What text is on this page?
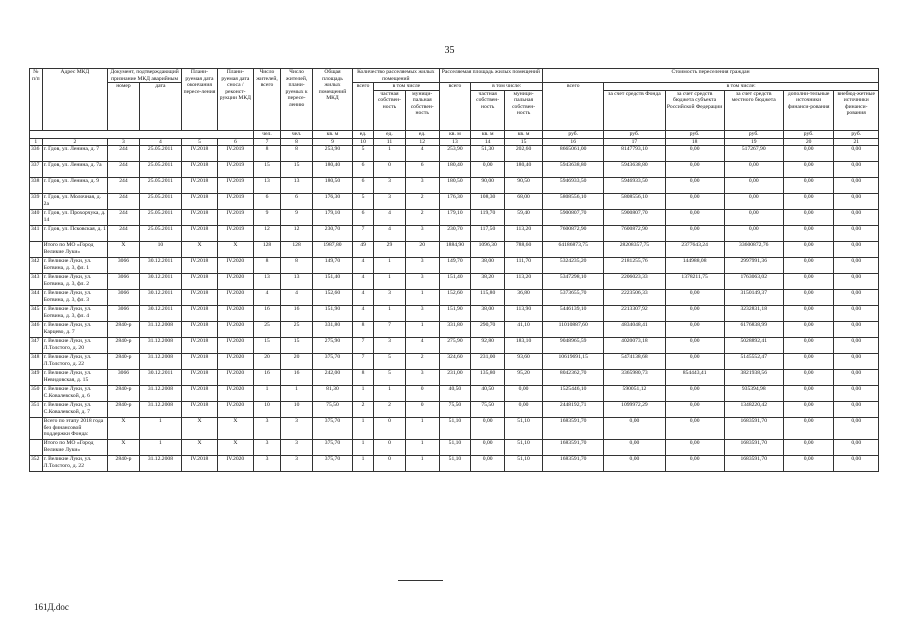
35
№ п/п	Адрес МКД	Документ, подтверждающий признание МКД аварийным		Плани-руемая дата окончания пересе-ления	Плани-руемая дата сноса / реконст-рукции МКД	Число жителей, всего	Число жителей, плани-руемых к пересе-лению	Общая площадь жилых помещений МКД	Количество расселяемых жилых помещений			Расселяемая площадь жилых помещений			Стоимость переселения граждан					
		номер	дата						всего	в том числе		всего	в том числе:		всего	в том числе:				
										частная собствен-ность	муници-пальная собствен-ность		частная собствен-ность	муници-пальная собствен-ность		за счет средств Фонда	за счет средств бюджета субъекта Российской Федерации	за счет средств местного бюджета	дополни-тельные источники финанси-рования	внебюд-жетные источники финанси-рования
						чел.	чел.	кв. м	ед.	ед.	ед.	кв. м	кв. м	кв. м	руб.	руб.	руб.	руб.	руб.	руб.
1	2	3	4	5	6	7	8	9	10	11	12	13	14	15	16	17	18	19	20	21
336	г. Гдов, ул. Ленина, д. 7	244	25.05.2011	IV.2018	IV.2019	8	8	253,90	5	1	4	253,90	51,30	202,60	8665061,00	8147793,10	0,00	517267,90	0,00	0,00
337	г. Гдов, ул. Ленина, д. 7а	244	25.05.2011	IV.2018	IV.2019	15	15	180,40	6	0	6	180,40	0,00	180,40	5943638,80	5943638,80	0,00	0,00	0,00	0,00
338	г. Гдов, ул. Ленина, д. 9	244	25.05.2011	IV.2018	IV.2019	13	13	180,50	6	3	3	180,50	90,00	90,50	5946933,50	5946933,50	0,00	0,00	0,00	0,00
339	г. Гдов, ул. Молочная, д. 2а	244	25.05.2011	IV.2018	IV.2019	6	6	176,30	5	3	2	176,30	108,30	68,00	5808556,10	5808556,10	0,00	0,00	0,00	0,00
340	г. Гдов, ул. Прохорчука, д. 14	244	25.05.2011	IV.2018	IV.2019	9	9	179,10	6	4	2	179,10	119,70	59,40	5900807,70	5900807,70	0,00	0,00	0,00	0,00
341	г. Гдов, ул. Псковская, д. 1	244	25.05.2011	IV.2018	IV.2019	12	12	230,70	7	4	3	230,70	117,50	113,20	7600872,90	7600872,90	0,00	0,00	0,00	0,00
	Итого по МО «Город Великие Луки»	X	10	X	X	128	128	1987,80	49	29	20	1884,90	1096,30	788,60	64186873,75	28208357,75	2377643,24	33600872,76	0,00	0,00
342	г. Великие Луки, ул. Ботвина, д. 3, фл. 1	3066	30.12.2011	IV.2018	IV.2020	8	8	149,70	4	1	3	149,70	38,00	111,70	5324235,20	2181255,76	144988,08	2997991,36	0,00	0,00
343	г. Великие Луки, ул. Ботвина, д. 3, фл. 2	3066	30.12.2011	IV.2018	IV.2020	13	13	151,40	4	1	3	151,40	38,20	113,20	5347298,10	2206023,33	1378211,75	1763063,02	0,00	0,00
344	г. Великие Луки, ул. Ботвина, д. 3, фл. 3	3066	30.12.2011	IV.2018	IV.2020	4	4	152,60	4	3	1	152,60	115,80	36,80	5373655,70	2223506,33	0,00	3150149,37	0,00	0,00
345	г. Великие Луки, ул. Ботвина, д. 3, фл. 4	3066	30.12.2011	IV.2018	IV.2020	16	16	151,90	4	1	3	151,90	38,00	113,90	5446139,10	2213307,92	0,00	3232831,18	0,00	0,00
346	г. Великие Луки, ул. Карцево, д. 7	2840-р	31.12.2008	IV.2018	IV.2020	25	25	331,80	8	7	1	331,80	290,70	41,10	11010887,60	4834048,41	0,00	6176838,99	0,00	0,00
347	г. Великие Луки, ул. Л.Толстого, д. 20	2840-р	31.12.2008	IV.2018	IV.2020	15	15	275,90	7	3	4	275,90	92,80	183,10	9048965,59	4020073,18	0,00	5028892,41	0,00	0,00
348	г. Великие Луки, ул. Л.Толстого, д. 22	2840-р	31.12.2008	IV.2018	IV.2020	20	20	375,70	7	5	2	324,60	231,00	93,60	10619691,15	5474138,68	0,00	5145552,47	0,00	0,00
349	г. Великие Луки, ул. Невидовская, д. 15	3066	30.12.2011	IV.2018	IV.2020	16	16	242,00	8	5	3	231,00	135,80	95,20	8042362,70	3365980,73	854443,41	3821938,56	0,00	0,00
350	г. Великие Луки, ул. С.Ковалевской, д. 6	2840-р	31.12.2008	IV.2018	IV.2020	1	1	81,30	1	1	0	40,50	40,50	0,00	1525446,10	590051,12	0,00	935394,98	0,00	0,00
351	г. Великие Луки, ул. С.Ковалевской, д. 7	2840-р	31.12.2008	IV.2018	IV.2020	10	10	75,50	2	2	0	75,50	75,50	0,00	2448192,71	1099972,29	0,00	1348220,42	0,00	0,00
	Всего по этапу 2018 года без финансовой поддержки Фонда:	X	1	X	X	3	3	375,70	1	0	1	51,10	0,00	51,10	1683591,70	0,00	0,00	1683591,70	0,00	0,00
	Итого по МО «Город Великие Луки»	X	1	X	X	3	3	375,70	1	0	1	51,10	0,00	51,10	1683591,70	0,00	0,00	1683591,70	0,00	0,00
352	г. Великие Луки, ул. Л.Толстого, д. 22	2840-р	31.12.2008	IV.2018	IV.2020	3	3	375,70	1	0	1	51,10	0,00	51,10	1683591,70	0,00	0,00	1683591,70	0,00	0,00
161Д.doc
